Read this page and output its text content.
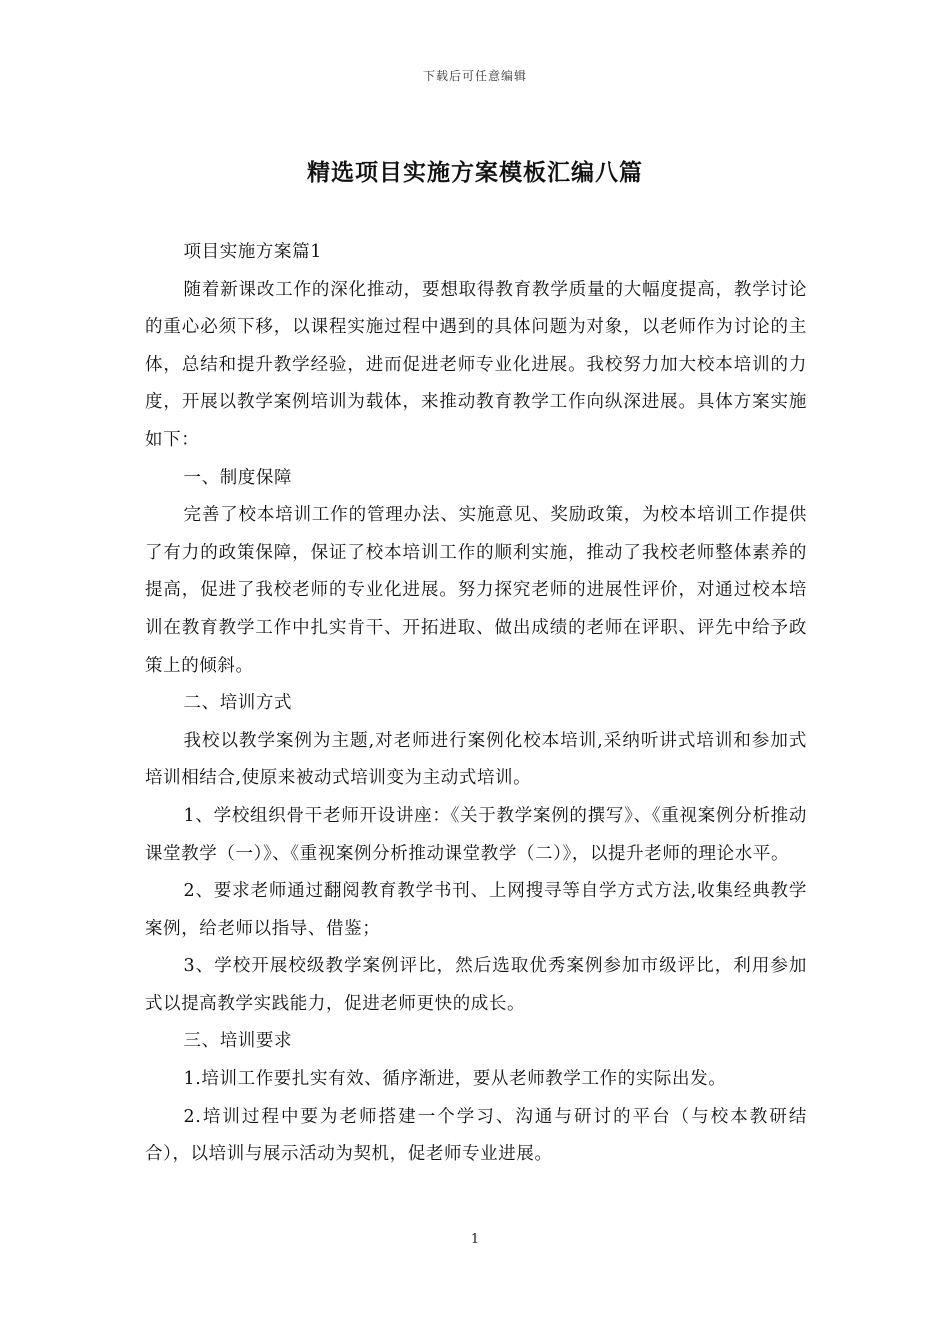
下载后可任意编辑
精选项目实施方案模板汇编八篇

项目实施方案篇1

随着新课改工作的深化推动，要想取得教育教学质量的大幅度提高，教学讨论的重心必须下移，以课程实施过程中遇到的具体问题为对象，以老师作为讨论的主体，总结和提升教学经验，进而促进老师专业化进展。我校努力加大校本培训的力度，开展以教学案例培训为载体，来推动教育教学工作向纵深进展。具体方案实施如下：

一、制度保障

完善了校本培训工作的管理办法、实施意见、奖励政策，为校本培训工作提供了有力的政策保障，保证了校本培训工作的顺利实施，推动了我校老师整体素养的提高，促进了我校老师的专业化进展。努力探究老师的进展性评价，对通过校本培训在教育教学工作中扎实肯干、开拓进取、做出成绩的老师在评职、评先中给予政策上的倾斜。

二、培训方式

我校以教学案例为主题,对老师进行案例化校本培训,采纳听讲式培训和参加式培训相结合,使原来被动式培训变为主动式培训。

1、学校组织骨干老师开设讲座：《关于教学案例的撰写》、《重视案例分析推动课堂教学（一）》、《重视案例分析推动课堂教学（二）》，以提升老师的理论水平。

2、要求老师通过翻阅教育教学书刊、上网搜寻等自学方式方法,收集经典教学案例，给老师以指导、借鉴；

3、学校开展校级教学案例评比，然后选取优秀案例参加市级评比，利用参加式以提高教学实践能力，促进老师更快的成长。

三、培训要求

1.培训工作要扎实有效、循序渐进，要从老师教学工作的实际出发。

2.培训过程中要为老师搭建一个学习、沟通与研讨的平台（与校本教研结合），以培训与展示活动为契机，促老师专业进展。

1
